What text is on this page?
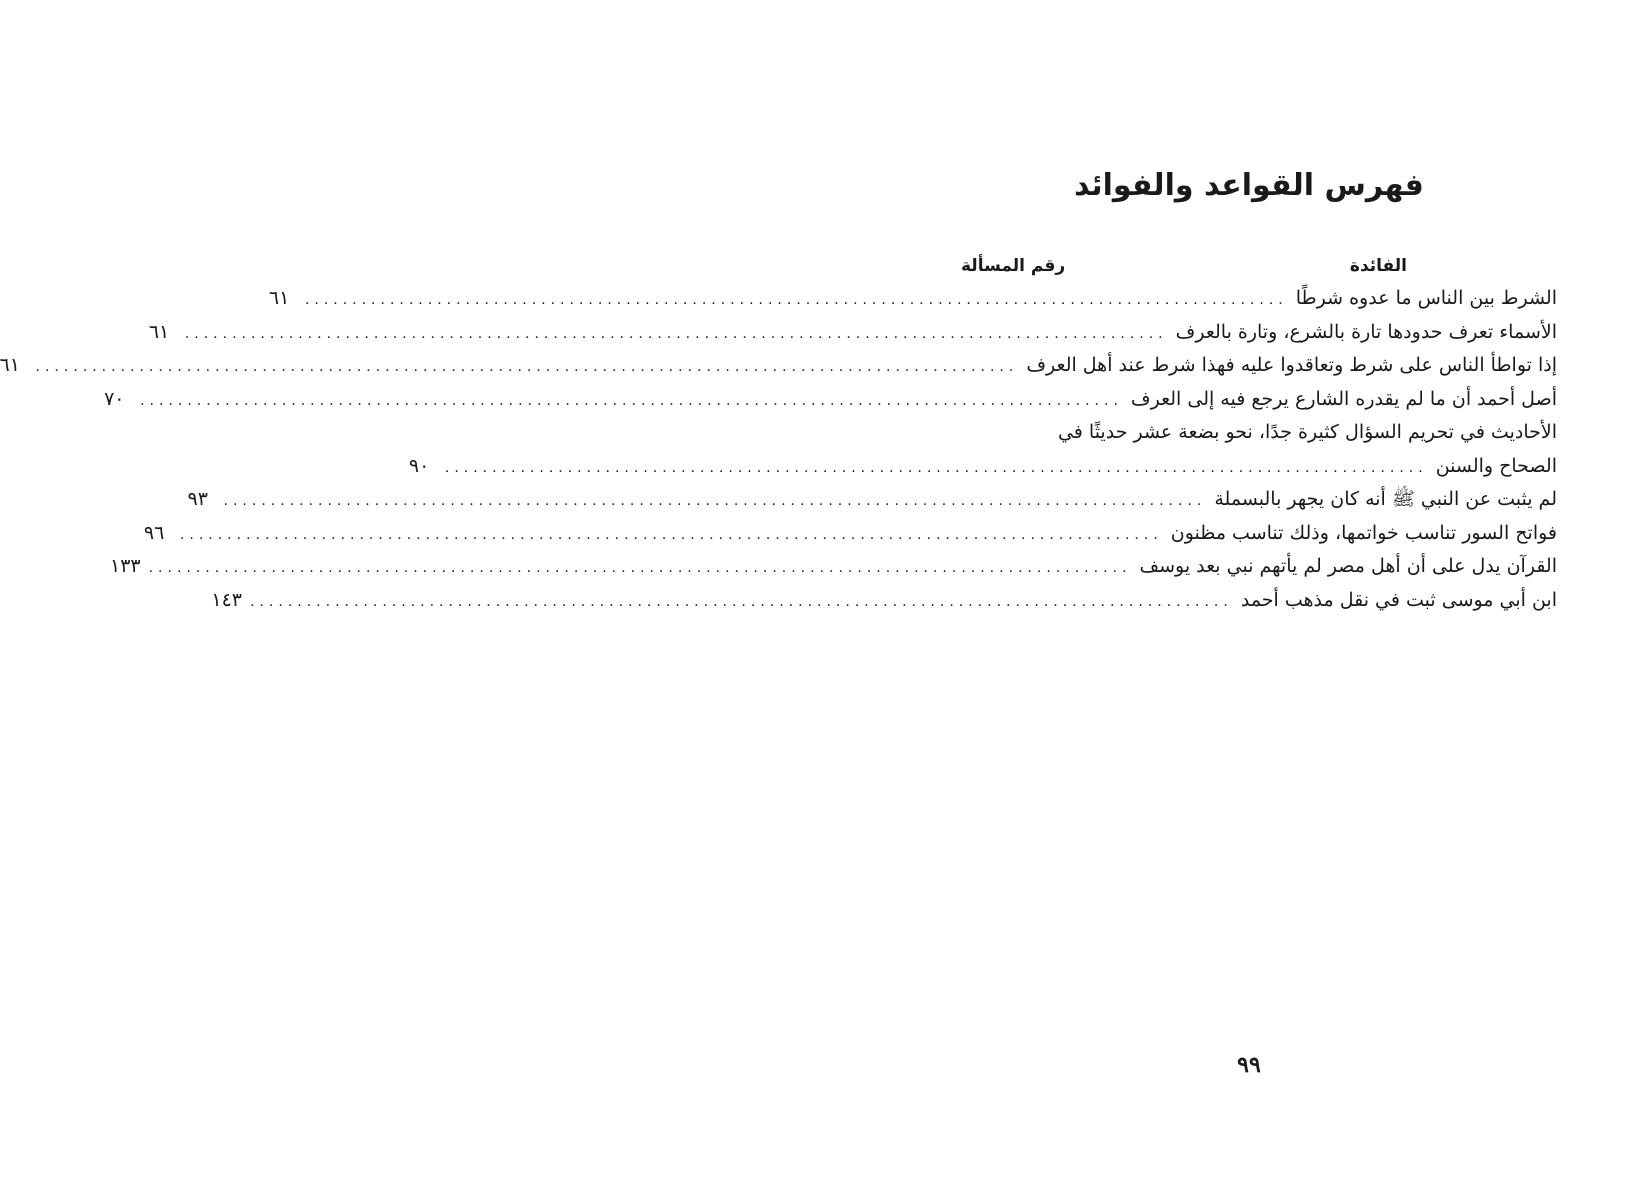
فهرس القواعد والفوائد
الفائدة
رقم المسألة
الشرط بين الناس ما عدوه شرطًا
........................................................................................................
٦١
الأسماء تعرف حدودها تارة بالشرع، وتارة بالعرف
........................................................................................................
٦١
إذا تواطأ الناس على شرط وتعاقدوا عليه فهذا شرط عند أهل العرف
........................................................................................................
٦١
أصل أحمد أن ما لم يقدره الشارع يرجع فيه إلى العرف
........................................................................................................
٧٠
الأحاديث في تحريم السؤال كثيرة جدًا، نحو بضعة عشر حديثًا في
الصحاح والسنن
........................................................................................................
٩٠
لم يثبت عن النبي ﷺ أنه كان يجهر بالبسملة
........................................................................................................
٩٣
فواتح السور تناسب خواتمها، وذلك تناسب مظنون
........................................................................................................
٩٦
القرآن يدل على أن أهل مصر لم يأتهم نبي بعد يوسف
........................................................................................................
١٣٣
ابن أبي موسى ثبت في نقل مذهب أحمد
........................................................................................................
١٤٣
٩٩
